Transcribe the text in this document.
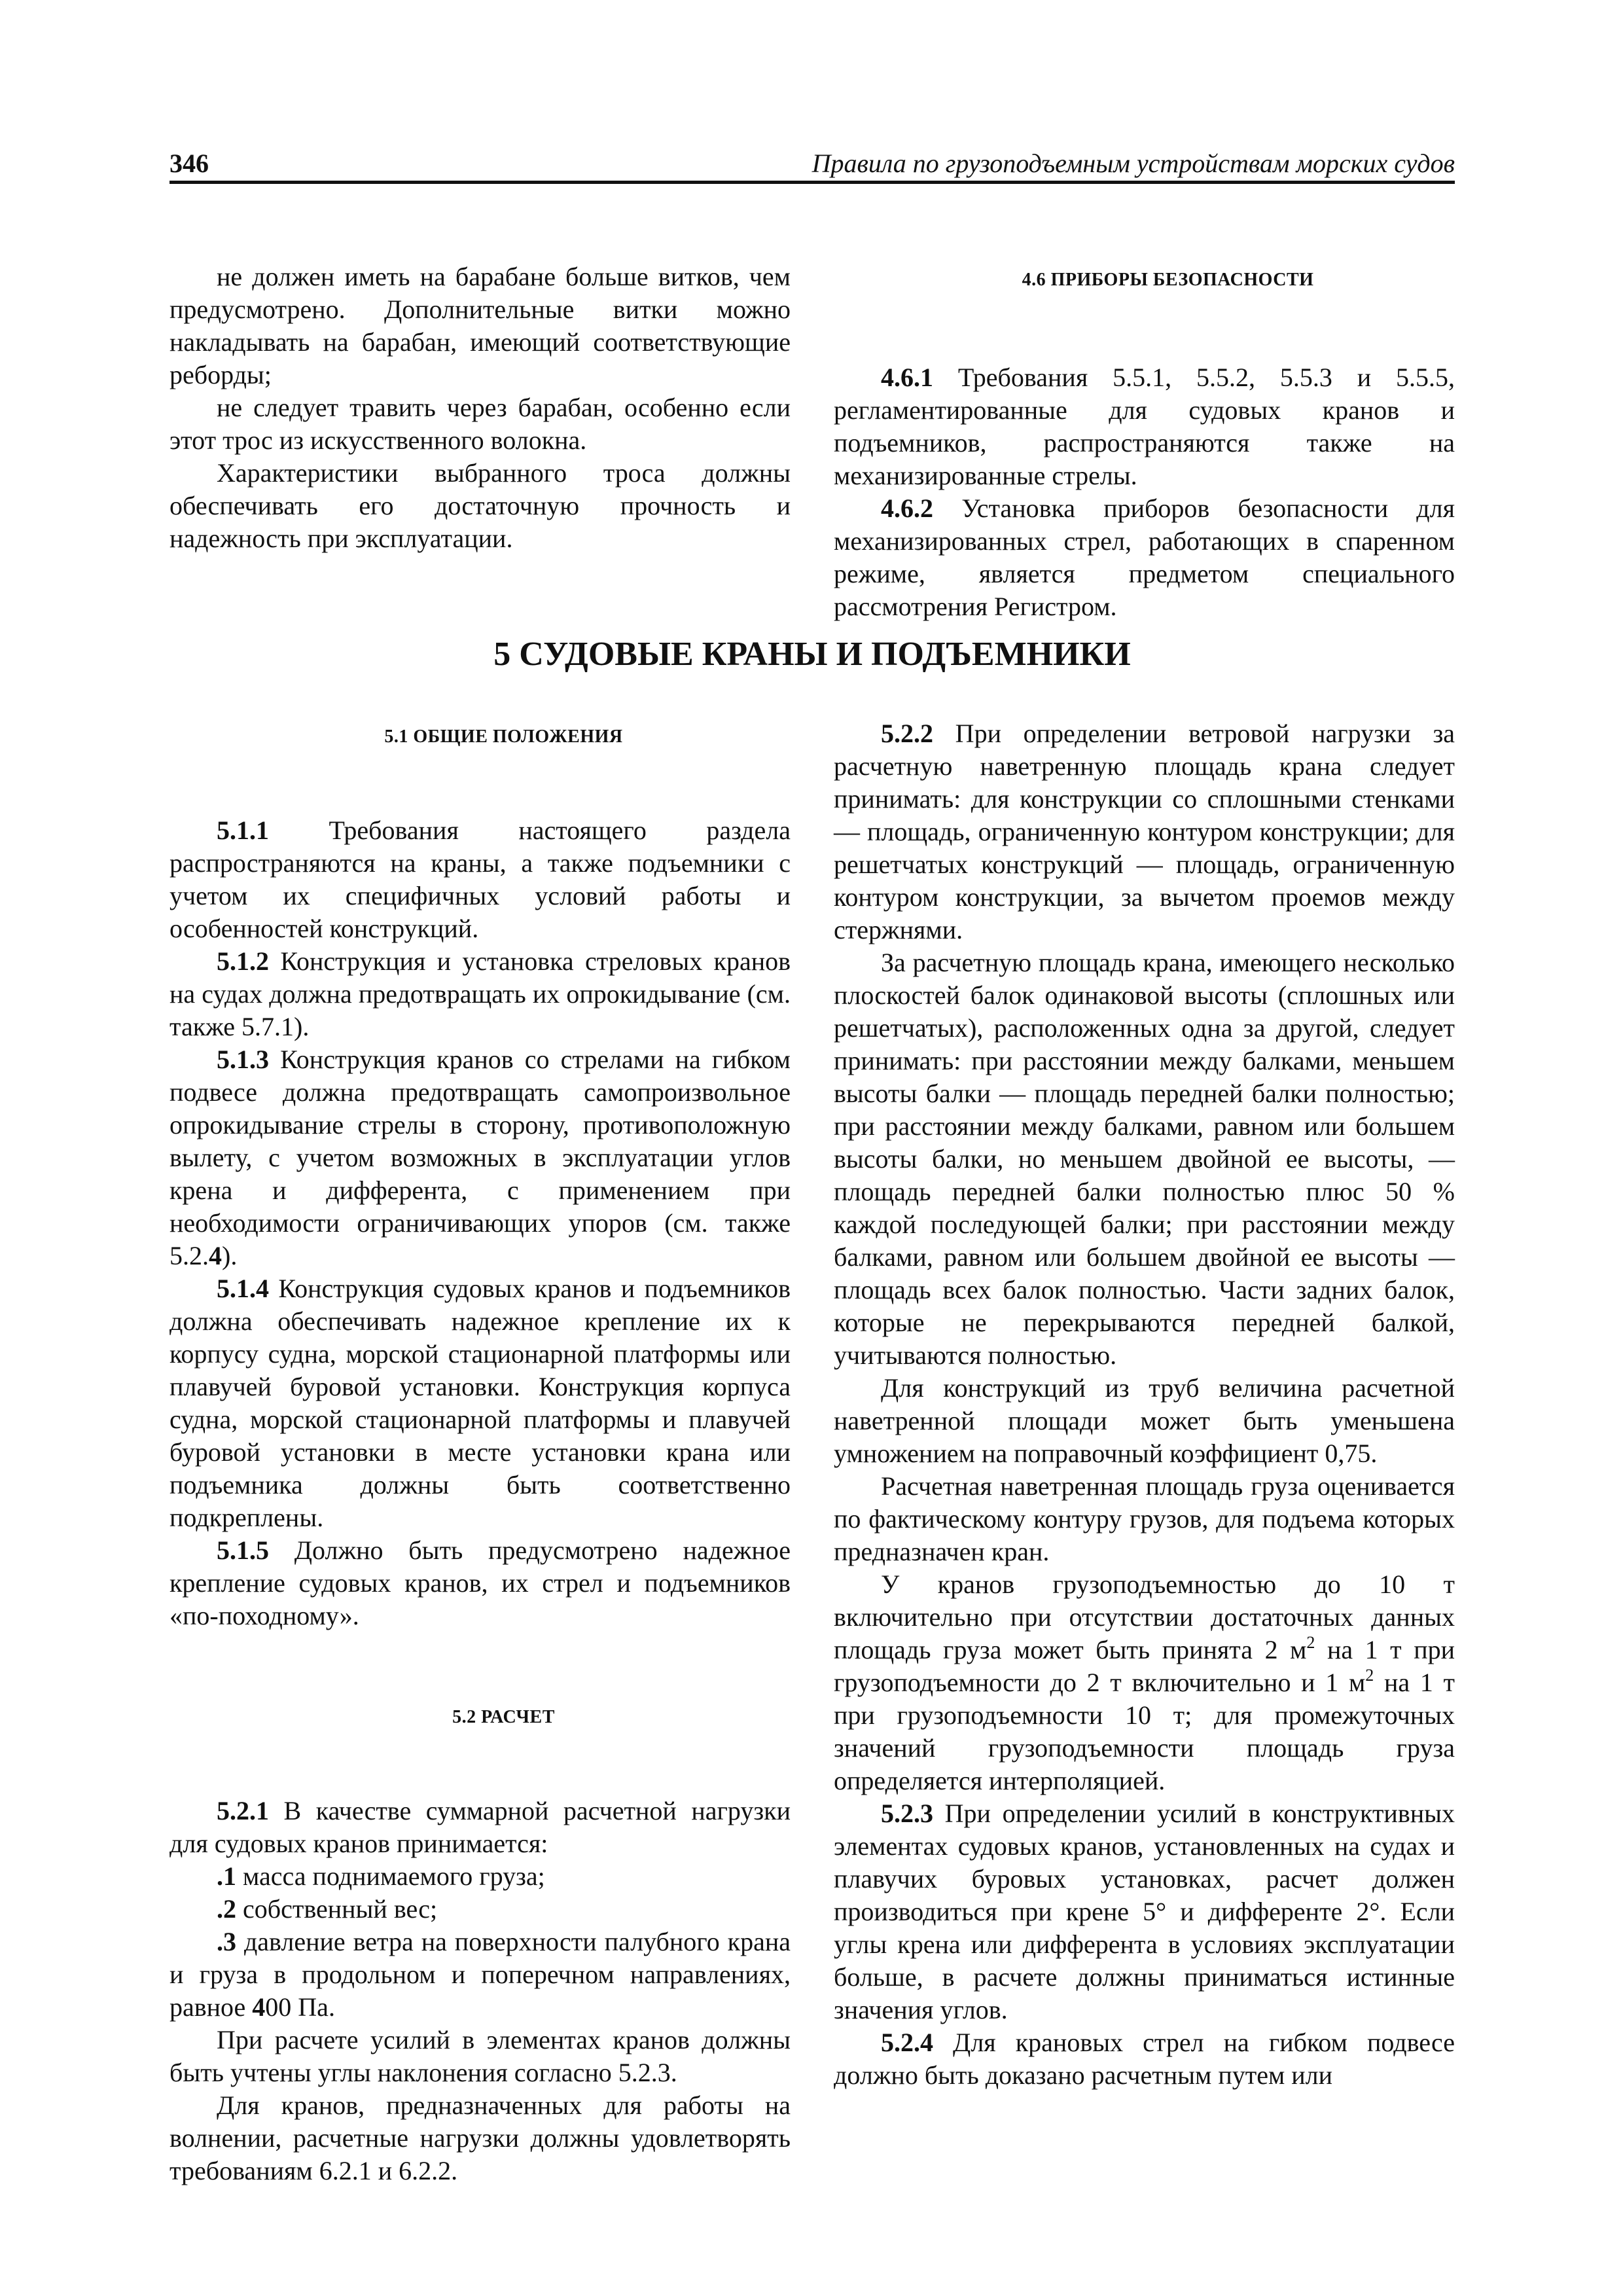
346	Правила по грузоподъемным устройствам морских судов

не должен иметь на барабане больше витков, чем предусмотрено. Дополнительные витки можно накладывать на барабан, имеющий соответствующие реборды;

не следует травить через барабан, особенно если этот трос из искусственного волокна.

Характеристики выбранного троса должны обеспечивать его достаточную прочность и надежность при эксплуатации.

4.6 ПРИБОРЫ БЕЗОПАСНОСТИ

4.6.1 Требования 5.5.1, 5.5.2, 5.5.3 и 5.5.5, регламентированные для судовых кранов и подъемников, распространяются также на механизированные стрелы.

4.6.2 Установка приборов безопасности для механизированных стрел, работающих в спаренном режиме, является предметом специального рассмотрения Регистром.

5 СУДОВЫЕ КРАНЫ И ПОДЪЕМНИКИ

5.1 ОБЩИЕ ПОЛОЖЕНИЯ

5.1.1 Требования настоящего раздела распространяются на краны, а также подъемники с учетом их специфичных условий работы и особенностей конструкций.

5.1.2 Конструкция и установка стреловых кранов на судах должна предотвращать их опрокидывание (см. также 5.7.1).

5.1.3 Конструкция кранов со стрелами на гибком подвесе должна предотвращать самопроизвольное опрокидывание стрелы в сторону, противоположную вылету, с учетом возможных в эксплуатации углов крена и дифферента, с применением при необходимости ограничивающих упоров (см. также 5.2.4).

5.1.4 Конструкция судовых кранов и подъемников должна обеспечивать надежное крепление их к корпусу судна, морской стационарной платформы или плавучей буровой установки. Конструкция корпуса судна, морской стационарной платформы и плавучей буровой установки в месте установки крана или подъемника должны быть соответственно подкреплены.

5.1.5 Должно быть предусмотрено надежное крепление судовых кранов, их стрел и подъемников «по-походному».

5.2 РАСЧЕТ

5.2.1 В качестве суммарной расчетной нагрузки для судовых кранов принимается:

.1 масса поднимаемого груза;

.2 собственный вес;

.3 давление ветра на поверхности палубного крана и груза в продольном и поперечном направлениях, равное 400 Па.

При расчете усилий в элементах кранов должны быть учтены углы наклонения согласно 5.2.3.

Для кранов, предназначенных для работы на волнении, расчетные нагрузки должны удовлетворять требованиям 6.2.1 и 6.2.2.

5.2.2 При определении ветровой нагрузки за расчетную наветренную площадь крана следует принимать: для конструкции со сплошными стенками — площадь, ограниченную контуром конструкции; для решетчатых конструкций — площадь, ограниченную контуром конструкции, за вычетом проемов между стержнями.

За расчетную площадь крана, имеющего несколько плоскостей балок одинаковой высоты (сплошных или решетчатых), расположенных одна за другой, следует принимать: при расстоянии между балками, меньшем высоты балки — площадь передней балки полностью; при расстоянии между балками, равном или большем высоты балки, но меньшем двойной ее высоты, — площадь передней балки полностью плюс 50 % каждой последующей балки; при расстоянии между балками, равном или большем двойной ее высоты — площадь всех балок полностью. Части задних балок, которые не перекрываются передней балкой, учитываются полностью.

Для конструкций из труб величина расчетной наветренной площади может быть уменьшена умножением на поправочный коэффициент 0,75.

Расчетная наветренная площадь груза оценивается по фактическому контуру грузов, для подъема которых предназначен кран.

У кранов грузоподъемностью до 10 т включительно при отсутствии достаточных данных площадь груза может быть принята 2 $м^2$ на 1 т при грузоподъемности до 2 т включительно и 1 $м^2$ на 1 т при грузоподъемности 10 т; для промежуточных значений грузоподъемности площадь груза определяется интерполяцией.

5.2.3 При определении усилий в конструктивных элементах судовых кранов, установленных на судах и плавучих буровых установках, расчет должен производиться при крене 5° и дифференте 2°. Если углы крена или дифферента в условиях эксплуатации больше, в расчете должны приниматься истинные значения углов.

5.2.4 Для крановых стрел на гибком подвесе должно быть доказано расчетным путем или
